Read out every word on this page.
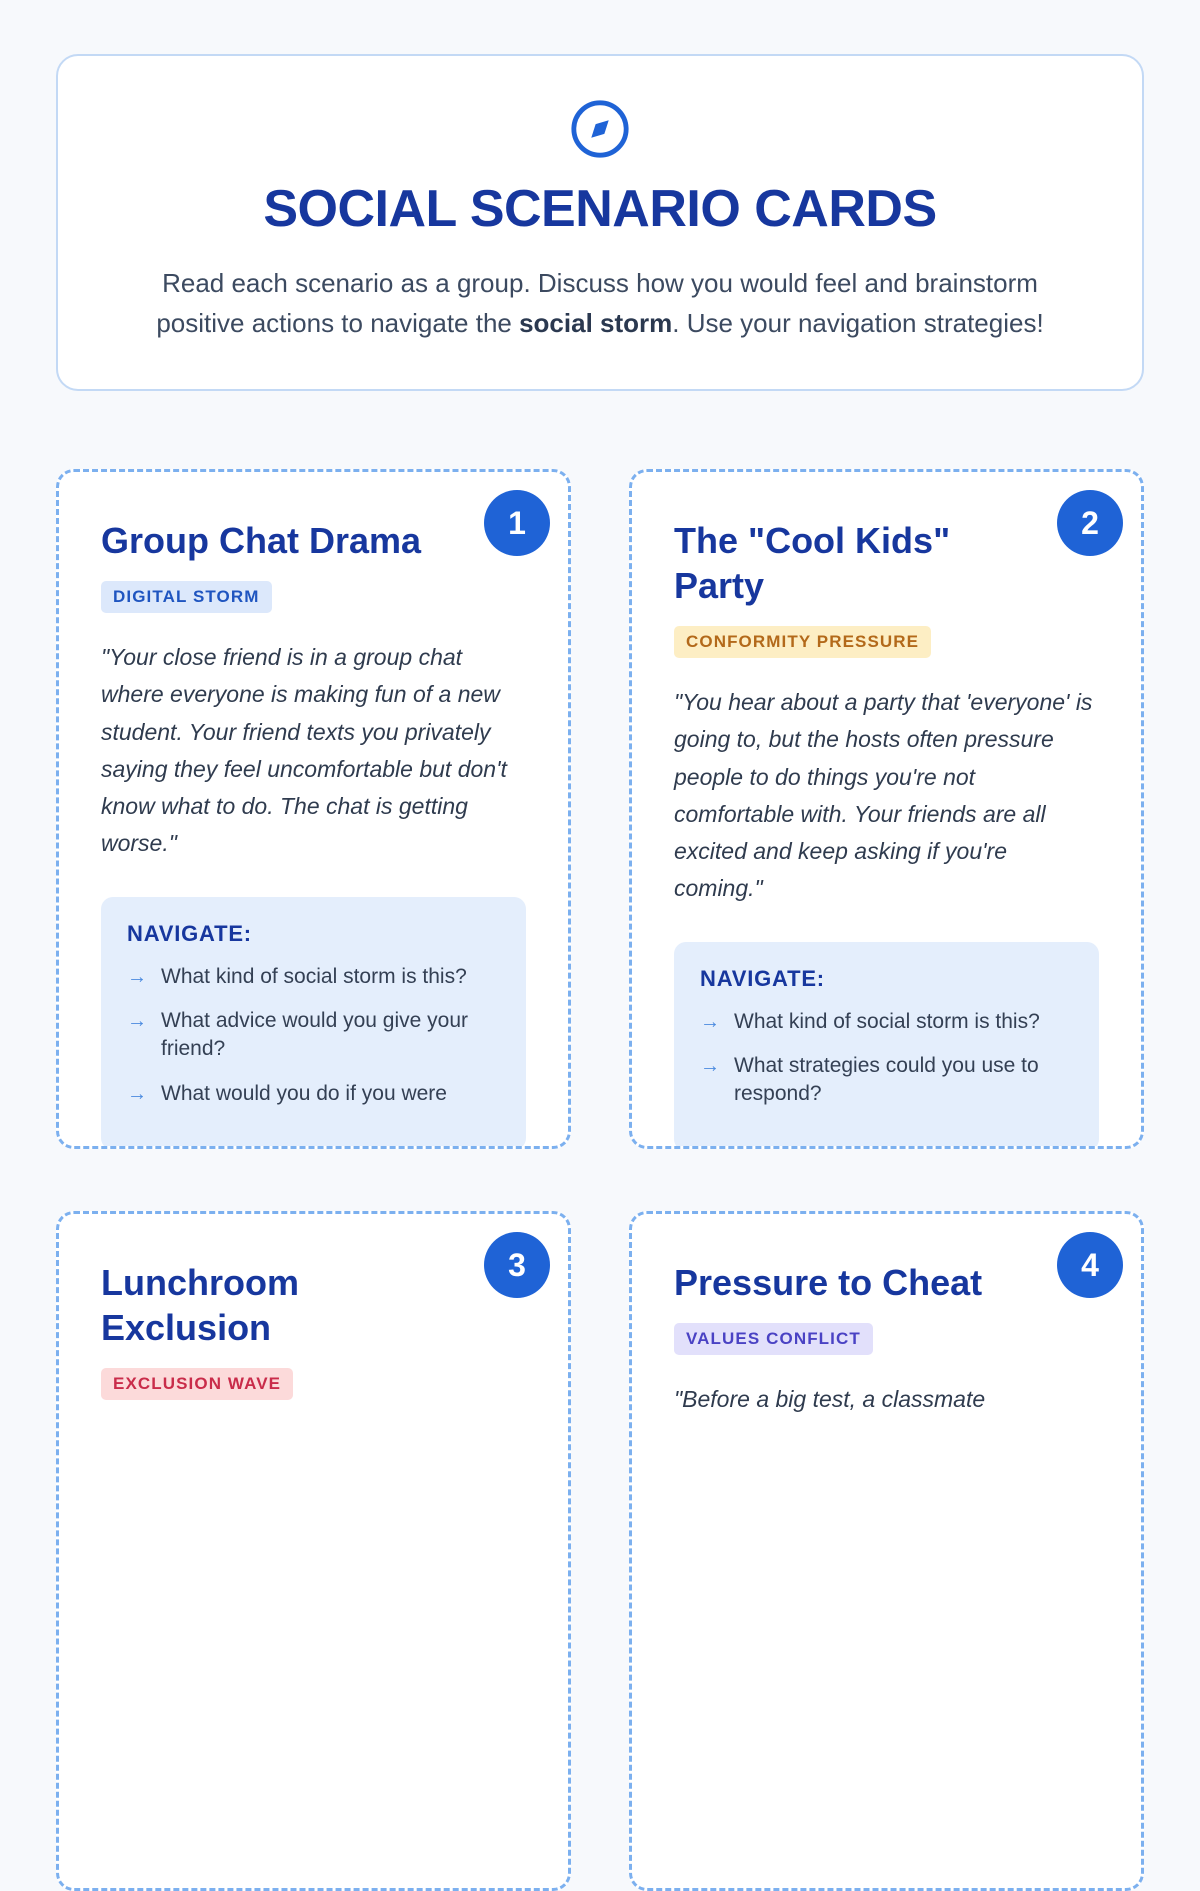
SOCIAL SCENARIO CARDS

Read each scenario as a group. Discuss how you would feel and brainstorm positive actions to navigate the social storm. Use your navigation strategies!

1
Group Chat Drama
DIGITAL STORM

"Your close friend is in a group chat where everyone is making fun of a new student. Your friend texts you privately saying they feel uncomfortable but don't know what to do. The chat is getting worse."

NAVIGATE:
→ What kind of social storm is this?
→ What advice would you give your friend?
→ What would you do if you were
2
The "Cool Kids" Party
CONFORMITY PRESSURE

"You hear about a party that 'everyone' is going to, but the hosts often pressure people to do things you're not comfortable with. Your friends are all excited and keep asking if you're coming."

NAVIGATE:
→ What kind of social storm is this?
→ What strategies could you use to respond?
3
Lunchroom Exclusion
EXCLUSION WAVE
4
Pressure to Cheat
VALUES CONFLICT

"Before a big test, a classmate
